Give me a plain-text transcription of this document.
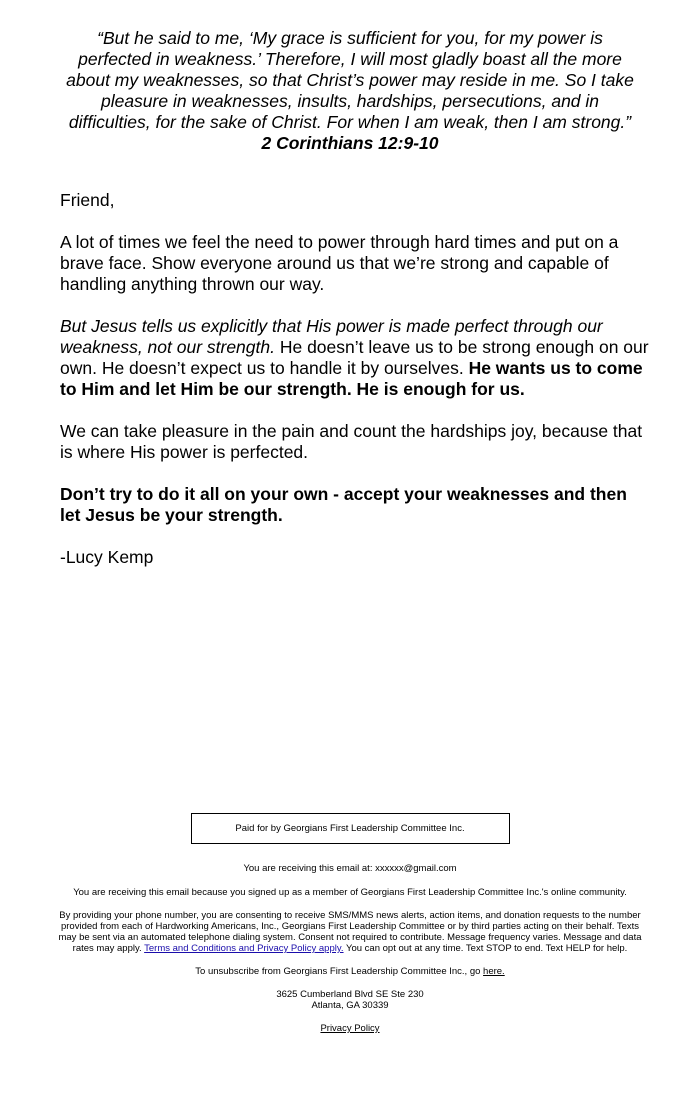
“But he said to me, ‘My grace is sufficient for you, for my power is perfected in weakness.’ Therefore, I will most gladly boast all the more about my weaknesses, so that Christ’s power may reside in me. So I take pleasure in weaknesses, insults, hardships, persecutions, and in difficulties, for the sake of Christ. For when I am weak, then I am strong.”

2 Corinthians 12:9-10

Friend,

A lot of times we feel the need to power through hard times and put on a brave face. Show everyone around us that we’re strong and capable of handling anything thrown our way.

But Jesus tells us explicitly that His power is made perfect through our weakness, not our strength. He doesn’t leave us to be strong enough on our own. He doesn’t expect us to handle it by ourselves. He wants us to come to Him and let Him be our strength. He is enough for us.

We can take pleasure in the pain and count the hardships joy, because that is where His power is perfected.

Don’t try to do it all on your own - accept your weaknesses and then let Jesus be your strength.

-Lucy Kemp

Paid for by Georgians First Leadership Committee Inc.

You are receiving this email at: xxxxxx@gmail.com

You are receiving this email because you signed up as a member of Georgians First Leadership Committee Inc.'s online community.

By providing your phone number, you are consenting to receive SMS/MMS news alerts, action items, and donation requests to the number provided from each of Hardworking Americans, Inc., Georgians First Leadership Committee or by third parties acting on their behalf. Texts may be sent via an automated telephone dialing system. Consent not required to contribute. Message frequency varies. Message and data rates may apply. Terms and Conditions and Privacy Policy apply. You can opt out at any time. Text STOP to end. Text HELP for help.

To unsubscribe from Georgians First Leadership Committee Inc., go here.

3625 Cumberland Blvd SE Ste 230
Atlanta, GA 30339

Privacy Policy
